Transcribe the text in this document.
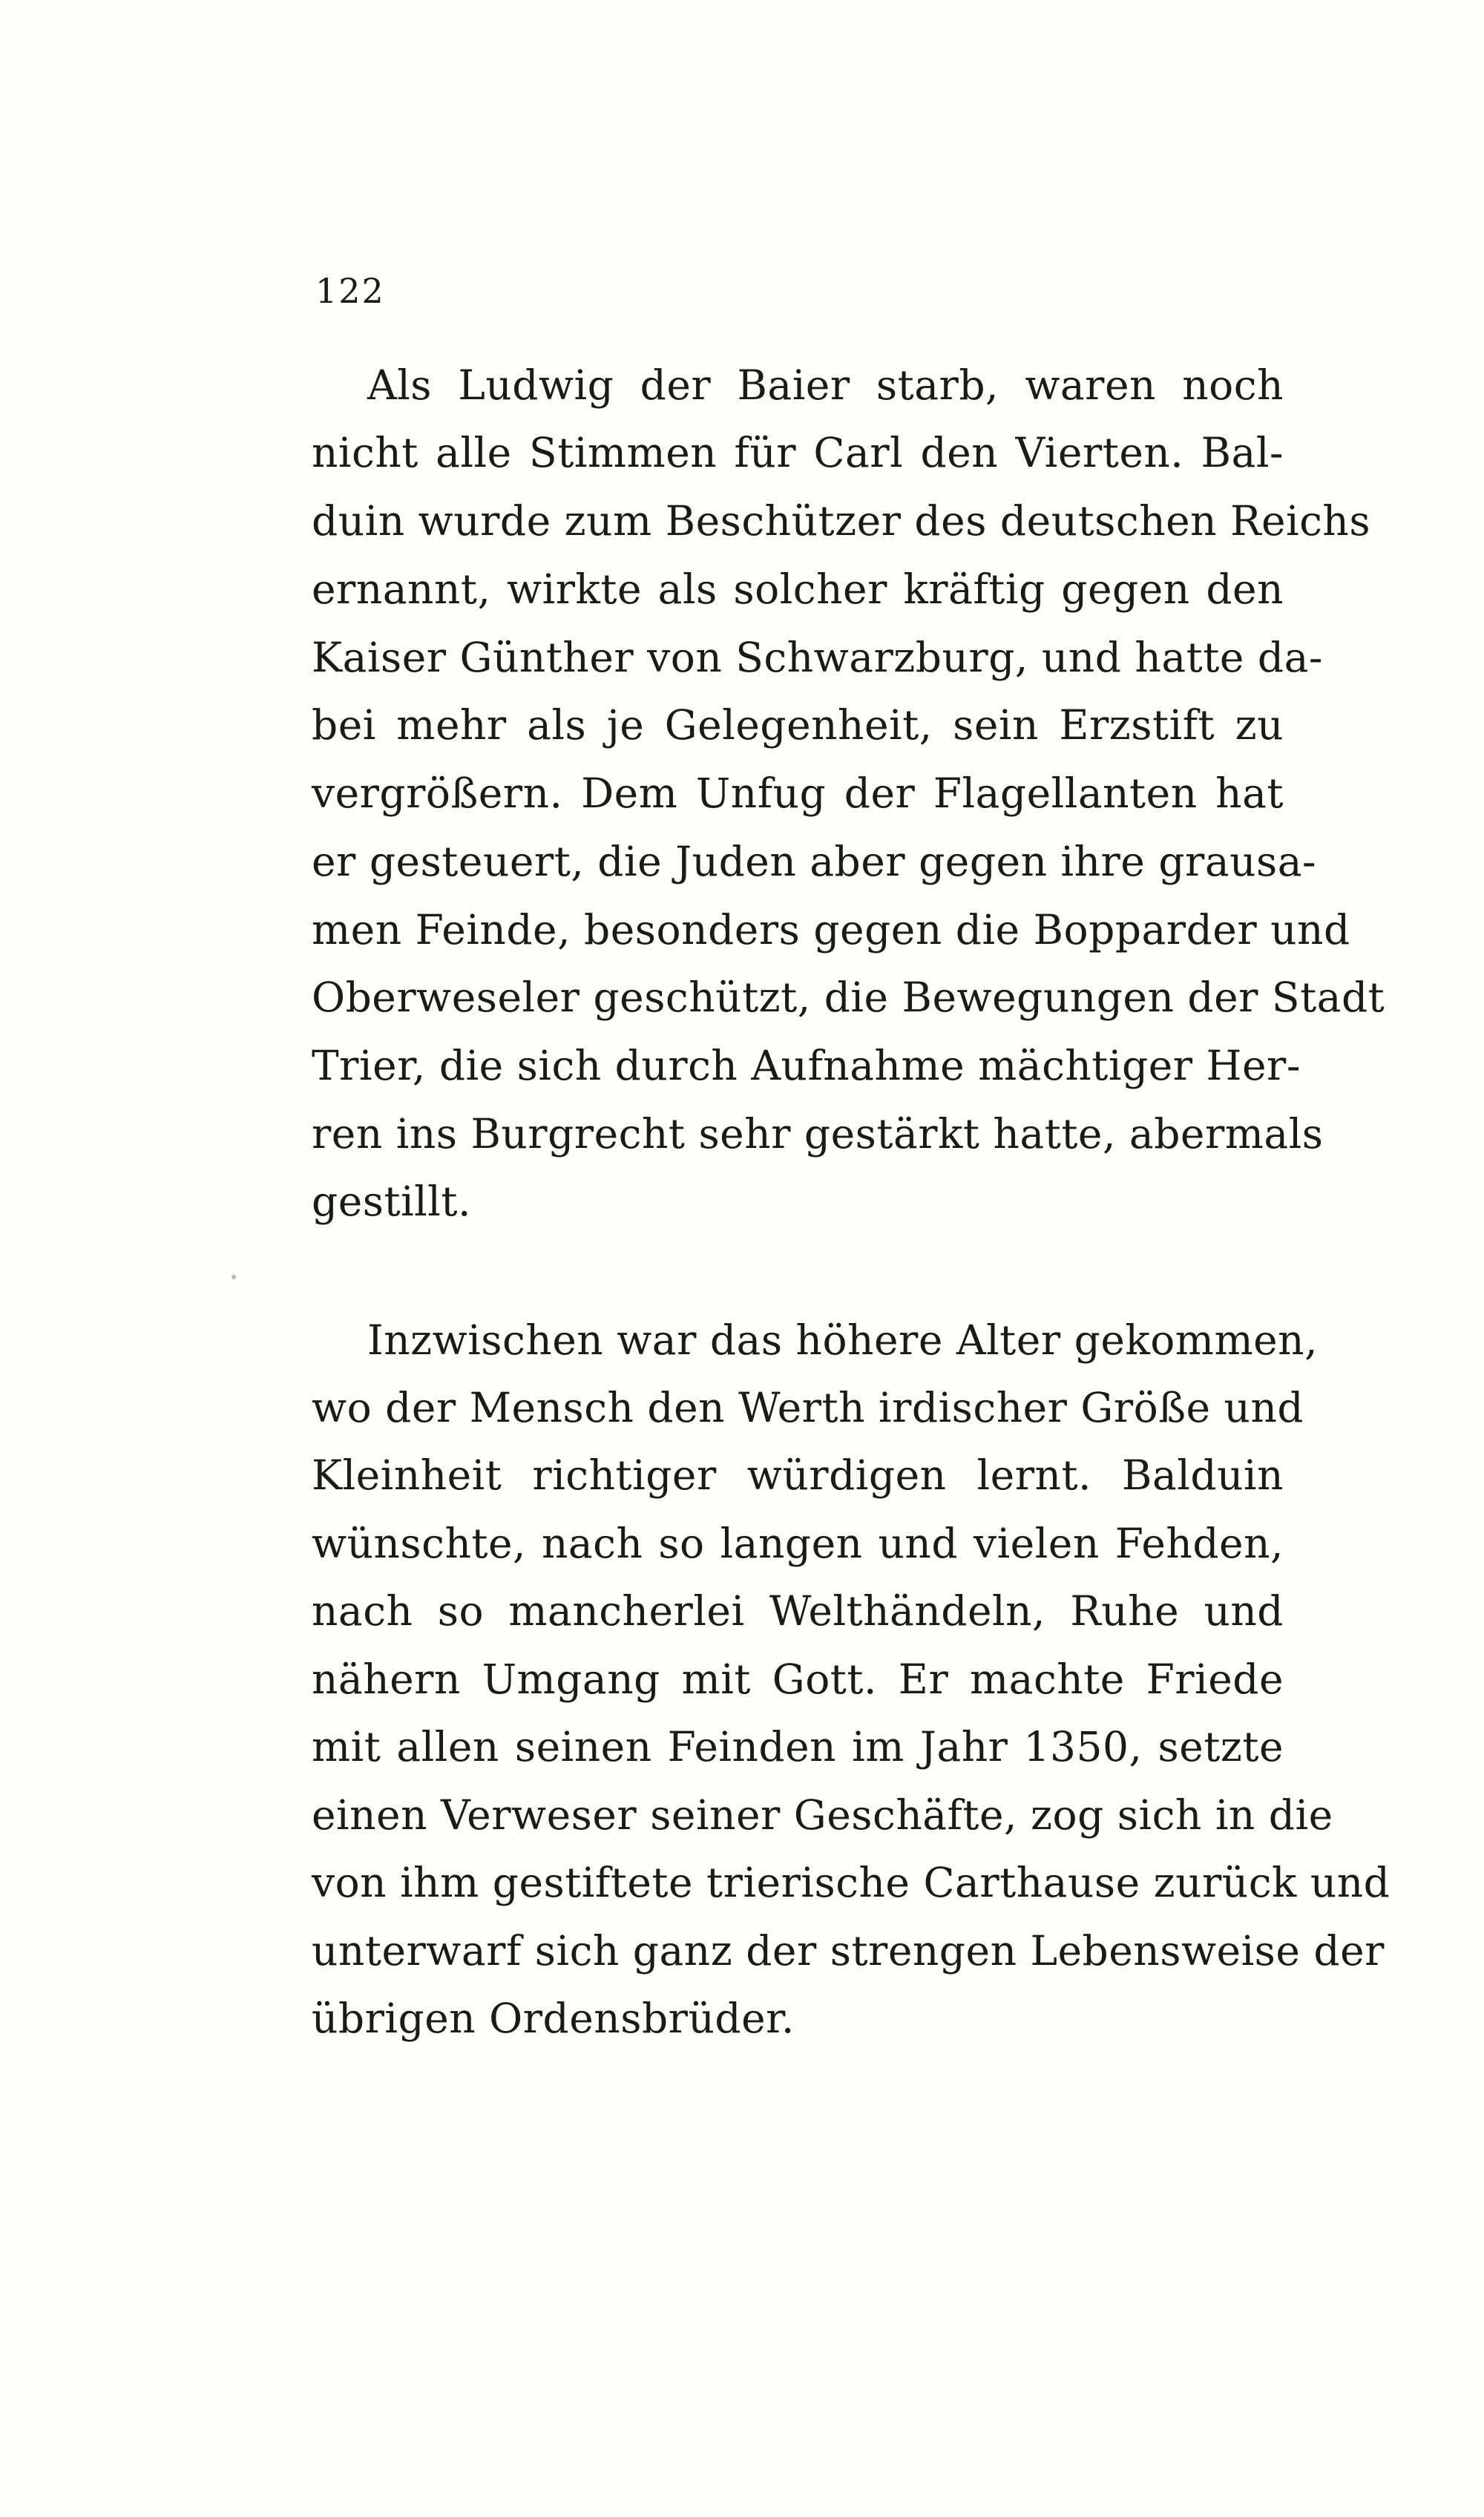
122
Als Ludwig der Baier starb, waren noch
nicht alle Stimmen für Carl den Vierten. Bal-
duin wurde zum Beschützer des deutschen Reichs
ernannt, wirkte als solcher kräftig gegen den
Kaiser Günther von Schwarzburg, und hatte da-
bei mehr als je Gelegenheit, sein Erzstift zu
vergrößern. Dem Unfug der Flagellanten hat
er gesteuert, die Juden aber gegen ihre grausa-
men Feinde, besonders gegen die Bopparder und
Oberweseler geschützt, die Bewegungen der Stadt
Trier, die sich durch Aufnahme mächtiger Her-
ren ins Burgrecht sehr gestärkt hatte, abermals
gestillt.
Inzwischen war das höhere Alter gekommen,
wo der Mensch den Werth irdischer Größe und
Kleinheit richtiger würdigen lernt. Balduin
wünschte, nach so langen und vielen Fehden,
nach so mancherlei Welthändeln, Ruhe und
nähern Umgang mit Gott. Er machte Friede
mit allen seinen Feinden im Jahr 1350, setzte
einen Verweser seiner Geschäfte, zog sich in die
von ihm gestiftete trierische Carthause zurück und
unterwarf sich ganz der strengen Lebensweise der
übrigen Ordensbrüder.
